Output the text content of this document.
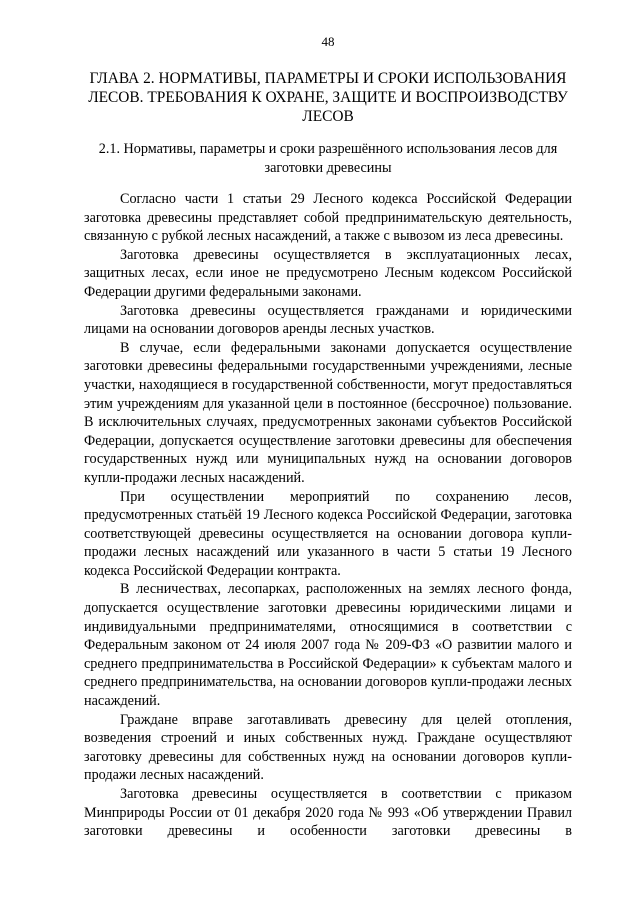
48
ГЛАВА 2. НОРМАТИВЫ, ПАРАМЕТРЫ И СРОКИ ИСПОЛЬЗОВАНИЯ ЛЕСОВ. ТРЕБОВАНИЯ К ОХРАНЕ, ЗАЩИТЕ И ВОСПРОИЗВОДСТВУ ЛЕСОВ
2.1. Нормативы, параметры и сроки разрешённого использования лесов для заготовки древесины

Согласно части 1 статьи 29 Лесного кодекса Российской Федерации заготовка древесины представляет собой предпринимательскую деятельность, связанную с рубкой лесных насаждений, а также с вывозом из леса древесины.

Заготовка древесины осуществляется в эксплуатационных лесах, защитных лесах, если иное не предусмотрено Лесным кодексом Российской Федерации другими федеральными законами.

Заготовка древесины осуществляется гражданами и юридическими лицами на основании договоров аренды лесных участков.

В случае, если федеральными законами допускается осуществление заготовки древесины федеральными государственными учреждениями, лесные участки, находящиеся в государственной собственности, могут предоставляться этим учреждениям для указанной цели в постоянное (бессрочное) пользование. В исключительных случаях, предусмотренных законами субъектов Российской Федерации, допускается осуществление заготовки древесины для обеспечения государственных нужд или муниципальных нужд на основании договоров купли-продажи лесных насаждений.

При осуществлении мероприятий по сохранению лесов, предусмотренных статьёй 19 Лесного кодекса Российской Федерации, заготовка соответствующей древесины осуществляется на основании договора купли-продажи лесных насаждений или указанного в части 5 статьи 19 Лесного кодекса Российской Федерации контракта.

В лесничествах, лесопарках, расположенных на землях лесного фонда, допускается осуществление заготовки древесины юридическими лицами и индивидуальными предпринимателями, относящимися в соответствии с Федеральным законом от 24 июля 2007 года № 209-ФЗ «О развитии малого и среднего предпринимательства в Российской Федерации» к субъектам малого и среднего предпринимательства, на основании договоров купли-продажи лесных насаждений.

Граждане вправе заготавливать древесину для целей отопления, возведения строений и иных собственных нужд. Граждане осуществляют заготовку древесины для собственных нужд на основании договоров купли-продажи лесных насаждений.

Заготовка древесины осуществляется в соответствии с приказом Минприроды России от 01 декабря 2020 года № 993 «Об утверждении Правил заготовки древесины и особенности заготовки древесины в
